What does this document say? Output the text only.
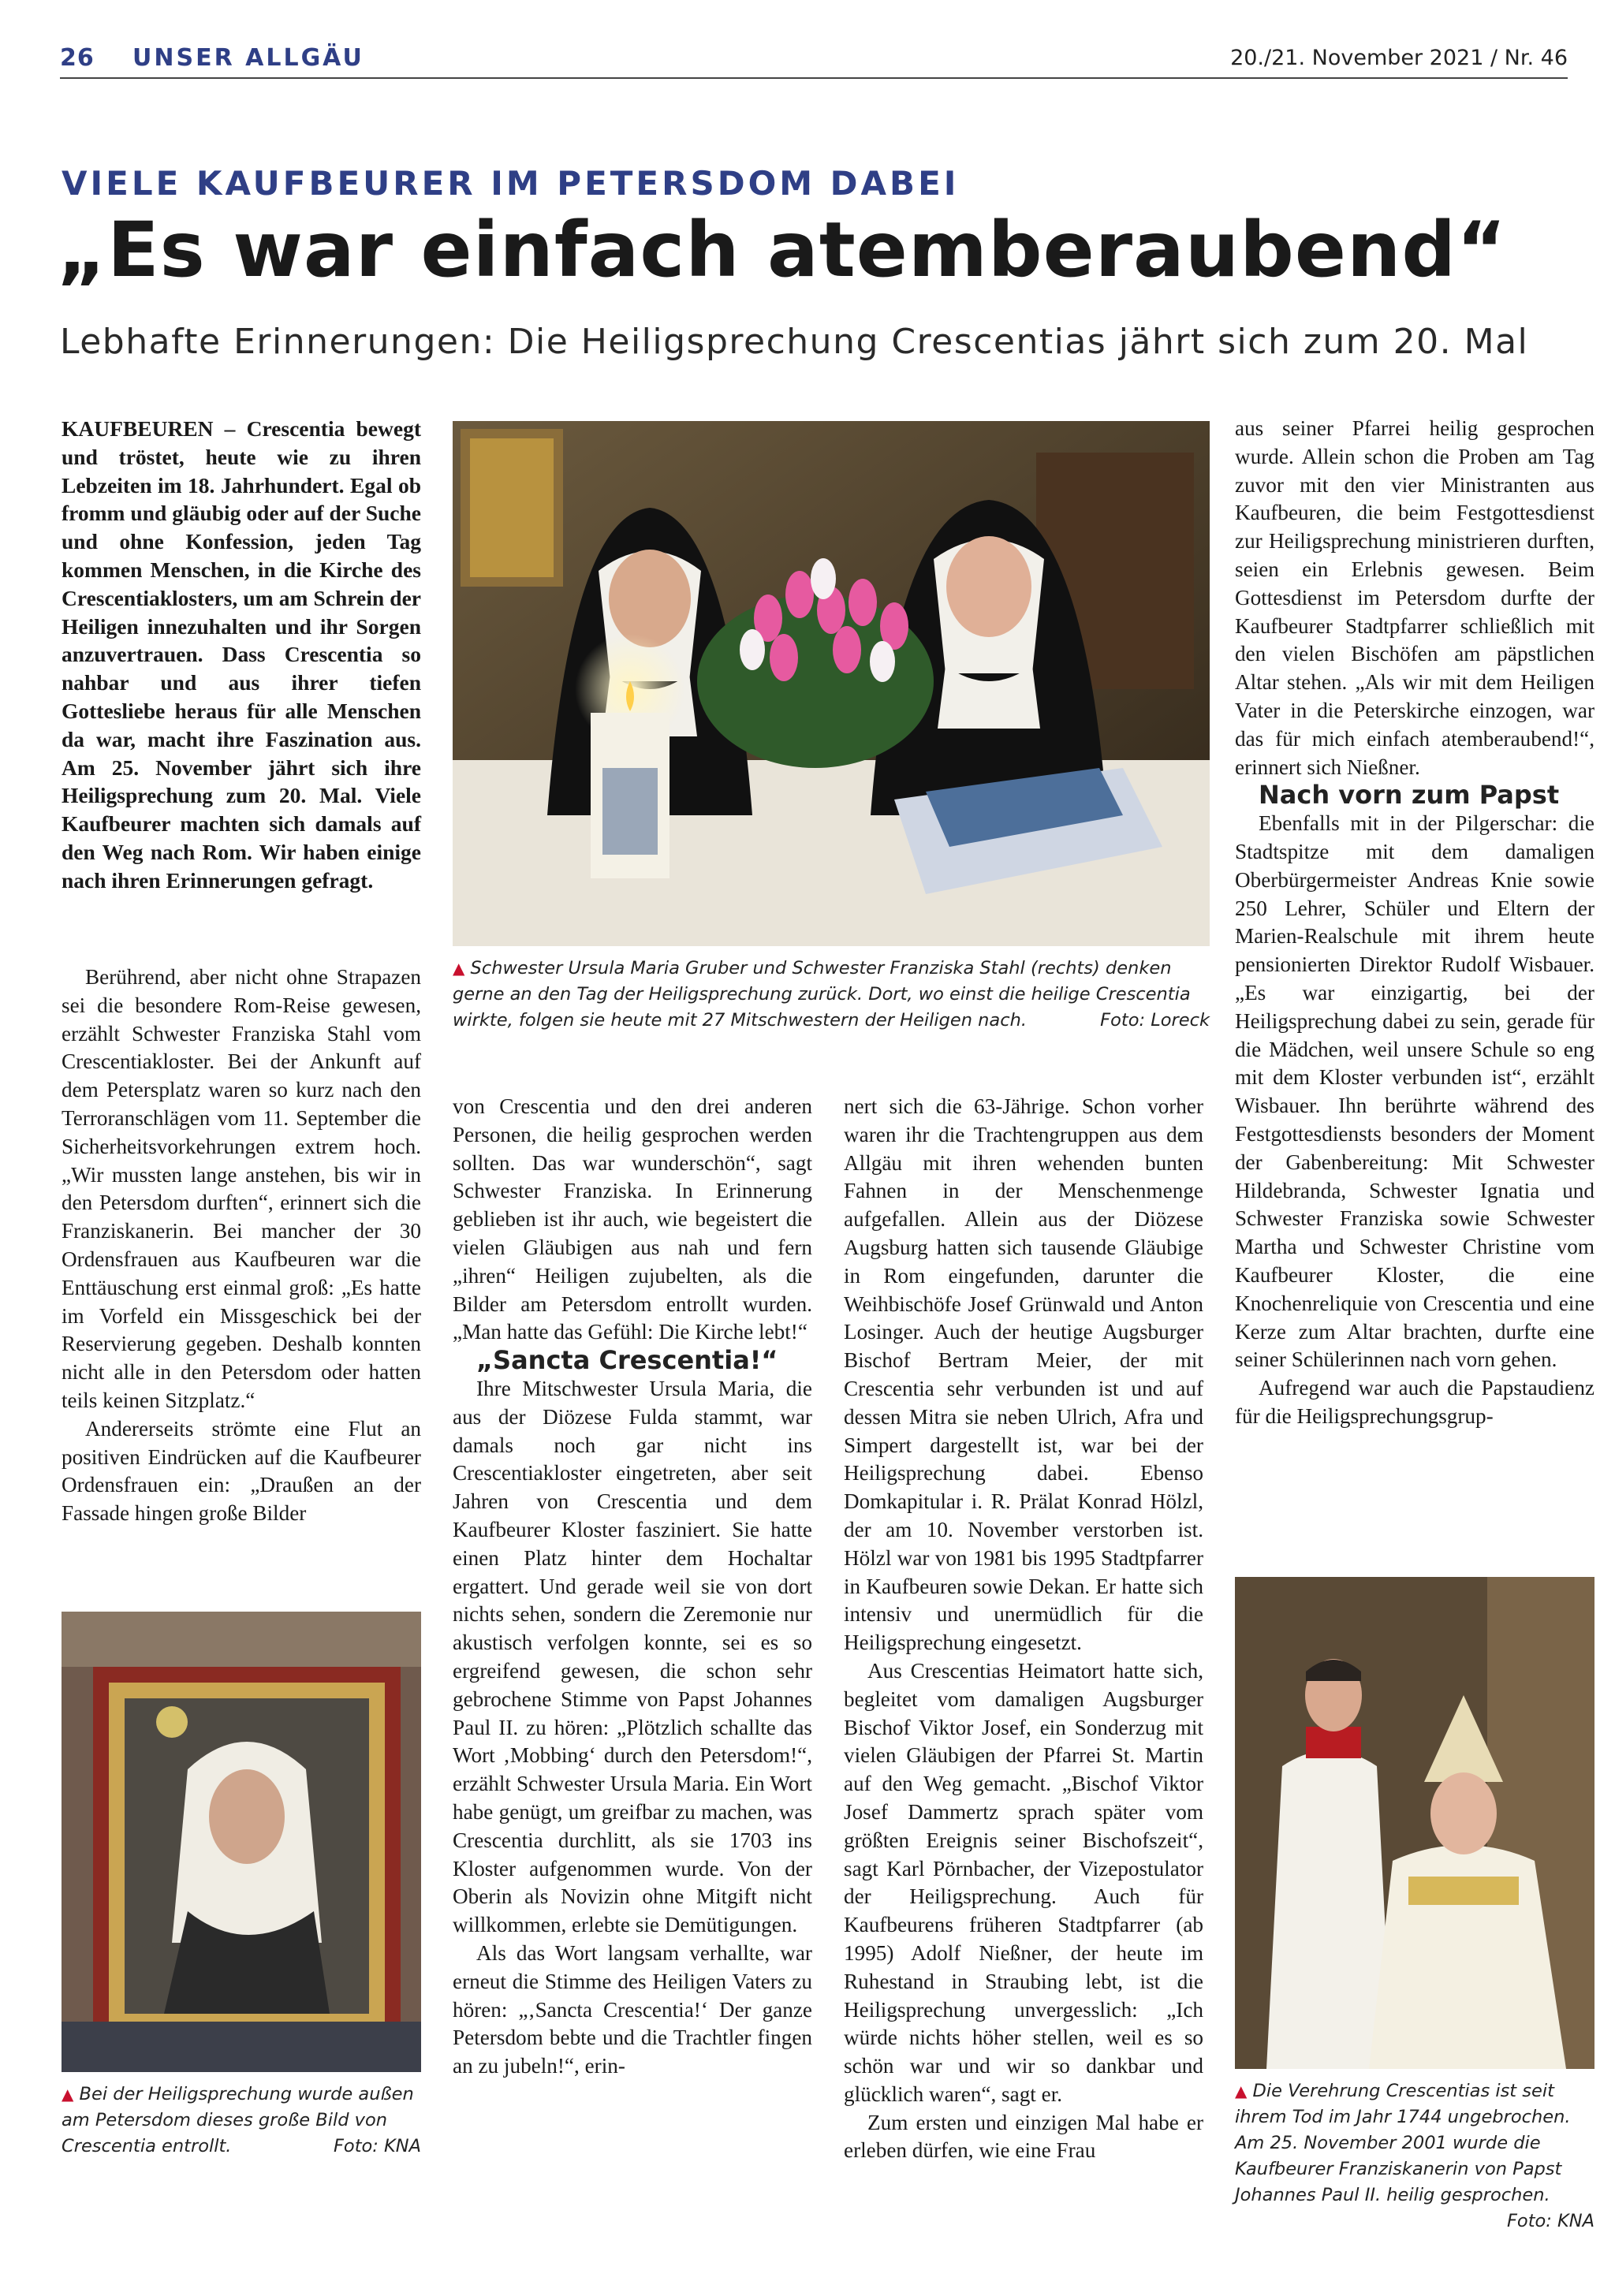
26 UNSER ALLGÄU	20./21. November 2021 / Nr. 46
VIELE KAUFBEURER IM PETERSDOM DABEI
„Es war einfach atemberaubend“
Lebhafte Erinnerungen: Die Heiligsprechung Crescentias jährt sich zum 20. Mal
KAUFBEUREN – Crescentia bewegt und tröstet, heute wie zu ihren Lebzeiten im 18. Jahrhundert. Egal ob fromm und gläubig oder auf der Suche und ohne Konfession, jeden Tag kommen Menschen, in die Kirche des Crescentiaklosters, um am Schrein der Heiligen innezuhalten und ihr Sorgen anzuvertrauen. Dass Crescentia so nahbar und aus ihrer tiefen Gottesliebe heraus für alle Menschen da war, macht ihre Faszination aus. Am 25. November jährt sich ihre Heiligsprechung zum 20. Mal. Viele Kaufbeurer machten sich damals auf den Weg nach Rom. Wir haben einige nach ihren Erinnerungen gefragt.
▲ Schwester Ursula Maria Gruber und Schwester Franziska Stahl (rechts) denken gerne an den Tag der Heiligsprechung zurück. Dort, wo einst die heilige Crescentia wirkte, folgen sie heute mit 27 Mitschwestern der Heiligen nach.	Foto: Loreck

Berührend, aber nicht ohne Strapazen sei die besondere Rom-Reise gewesen, erzählt Schwester Franziska Stahl vom Crescentiakloster. Bei der Ankunft auf dem Petersplatz waren so kurz nach den Terroranschlägen vom 11. September die Sicherheitsvorkehrungen extrem hoch. „Wir mussten lange anstehen, bis wir in den Petersdom durften“, erinnert sich die Franziskanerin. Bei mancher der 30 Ordensfrauen aus Kaufbeuren war die Enttäuschung erst einmal groß: „Es hatte im Vorfeld ein Missgeschick bei der Reservierung gegeben. Deshalb konnten nicht alle in den Petersdom oder hatten teils keinen Sitzplatz.“

Andererseits strömte eine Flut an positiven Eindrücken auf die Kaufbeurer Ordensfrauen ein: „Draußen an der Fassade hingen große Bilder

▲ Bei der Heiligsprechung wurde außen am Petersdom dieses große Bild von Crescentia entrollt.	Foto: KNA

von Crescentia und den drei anderen Personen, die heilig gesprochen werden sollten. Das war wunderschön“, sagt Schwester Franziska. In Erinnerung geblieben ist ihr auch, wie begeistert die vielen Gläubigen aus nah und fern „ihren“ Heiligen zujubelten, als die Bilder am Petersdom entrollt wurden. „Man hatte das Gefühl: Die Kirche lebt!“

„Sancta Crescentia!“

Ihre Mitschwester Ursula Maria, die aus der Diözese Fulda stammt, war damals noch gar nicht ins Crescentiakloster eingetreten, aber seit Jahren von Crescentia und dem Kaufbeurer Kloster fasziniert. Sie hatte einen Platz hinter dem Hochaltar ergattert. Und gerade weil sie von dort nichts sehen, sondern die Zeremonie nur akustisch verfolgen konnte, sei es so ergreifend gewesen, die schon sehr gebrochene Stimme von Papst Johannes Paul II. zu hören: „Plötzlich schallte das Wort ‚Mobbing‘ durch den Petersdom!“, erzählt Schwester Ursula Maria. Ein Wort habe genügt, um greifbar zu machen, was Crescentia durchlitt, als sie 1703 ins Kloster aufgenommen wurde. Von der Oberin als Novizin ohne Mitgift nicht willkommen, erlebte sie Demütigungen.

Als das Wort langsam verhallte, war erneut die Stimme des Heiligen Vaters zu hören: „‚Sancta Crescentia!‘ Der ganze Petersdom bebte und die Trachtler fingen an zu jubeln!“, erin-

nert sich die 63-Jährige. Schon vorher waren ihr die Trachtengruppen aus dem Allgäu mit ihren wehenden bunten Fahnen in der Menschenmenge aufgefallen. Allein aus der Diözese Augsburg hatten sich tausende Gläubige in Rom eingefunden, darunter die Weihbischöfe Josef Grünwald und Anton Losinger. Auch der heutige Augsburger Bischof Bertram Meier, der mit Crescentia sehr verbunden ist und auf dessen Mitra sie neben Ulrich, Afra und Simpert dargestellt ist, war bei der Heiligsprechung dabei. Ebenso Domkapitular i. R. Prälat Konrad Hölzl, der am 10. November verstorben ist. Hölzl war von 1981 bis 1995 Stadtpfarrer in Kaufbeuren sowie Dekan. Er hatte sich intensiv und unermüdlich für die Heiligsprechung eingesetzt.

Aus Crescentias Heimatort hatte sich, begleitet vom damaligen Augsburger Bischof Viktor Josef, ein Sonderzug mit vielen Gläubigen der Pfarrei St. Martin auf den Weg gemacht. „Bischof Viktor Josef Dammertz sprach später vom größten Ereignis seiner Bischofszeit“, sagt Karl Pörnbacher, der Vizepostulator der Heiligsprechung. Auch für Kaufbeurens früheren Stadtpfarrer (ab 1995) Adolf Nießner, der heute im Ruhestand in Straubing lebt, ist die Heiligsprechung unvergesslich: „Ich würde nichts höher stellen, weil es so schön war und wir so dankbar und glücklich waren“, sagt er.

Zum ersten und einzigen Mal habe er erleben dürfen, wie eine Frau

aus seiner Pfarrei heilig gesprochen wurde. Allein schon die Proben am Tag zuvor mit den vier Ministranten aus Kaufbeuren, die beim Festgottesdienst zur Heiligsprechung ministrieren durften, seien ein Erlebnis gewesen. Beim Gottesdienst im Petersdom durfte der Kaufbeurer Stadtpfarrer schließlich mit den vielen Bischöfen am päpstlichen Altar stehen. „Als wir mit dem Heiligen Vater in die Peterskirche einzogen, war das für mich einfach atemberaubend!“, erinnert sich Nießner.

Nach vorn zum Papst

Ebenfalls mit in der Pilgerschar: die Stadtspitze mit dem damaligen Oberbürgermeister Andreas Knie sowie 250 Lehrer, Schüler und Eltern der Marien-Realschule mit ihrem heute pensionierten Direktor Rudolf Wisbauer. „Es war einzigartig, bei der Heiligsprechung dabei zu sein, gerade für die Mädchen, weil unsere Schule so eng mit dem Kloster verbunden ist“, erzählt Wisbauer. Ihn berührte während des Festgottesdiensts besonders der Moment der Gabenbereitung: Mit Schwester Hildebranda, Schwester Ignatia und Schwester Franziska sowie Schwester Martha und Schwester Christine vom Kaufbeurer Kloster, die eine Knochenreliquie von Crescentia und eine Kerze zum Altar brachten, durfte eine seiner Schülerinnen nach vorn gehen.

Aufregend war auch die Papstaudienz für die Heiligsprechungsgrup-

▲ Die Verehrung Crescentias ist seit ihrem Tod im Jahr 1744 ungebrochen. Am 25. November 2001 wurde die Kaufbeurer Franziskanerin von Papst Johannes Paul II. heilig gesprochen.
Foto: KNA
